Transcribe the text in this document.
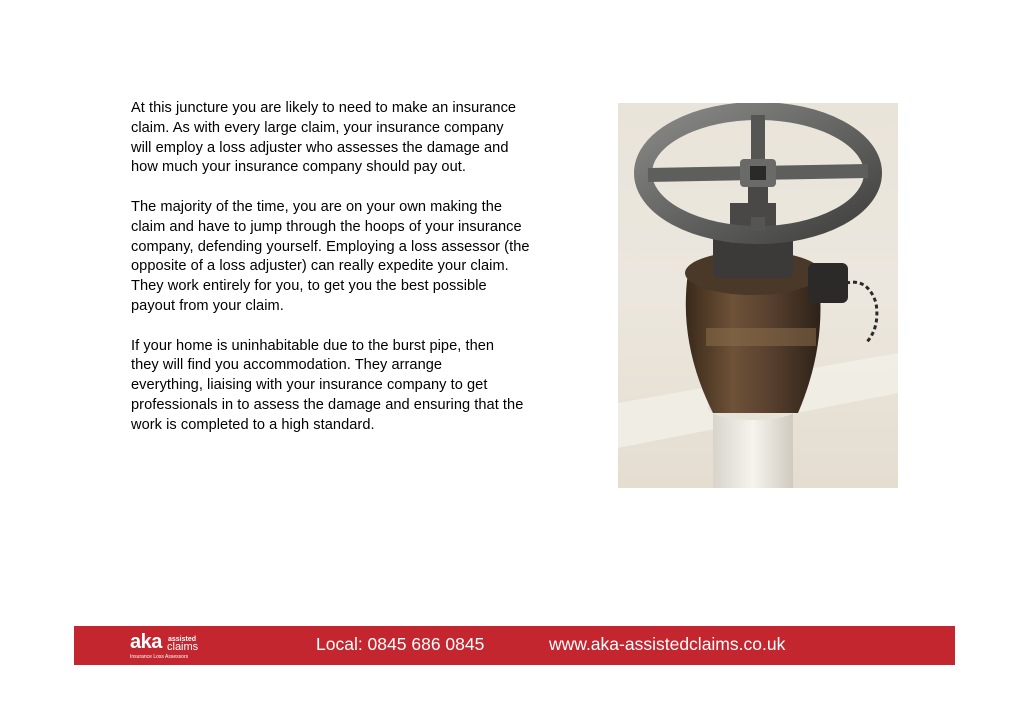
At this juncture you are likely to need to make an insurance
claim. As with every large claim, your insurance company
will employ a loss adjuster who assesses the damage and
how much your insurance company should pay out.

The majority of the time, you are on your own making the
claim and have to jump through the hoops of your insurance
company, defending yourself. Employing a loss assessor (the
opposite of a loss adjuster) can really expedite your claim.
They work entirely for you, to get you the best possible
payout from your claim.

If your home is uninhabitable due to the burst pipe, then
they will find you accommodation. They arrange
everything, liaising with your insurance company to get
professionals in to assess the damage and ensuring that the
work is completed to a high standard.

aka assisted
claims
Insurance Loss Assessors
Local: 0845 686 0845	www.aka-assistedclaims.co.uk
